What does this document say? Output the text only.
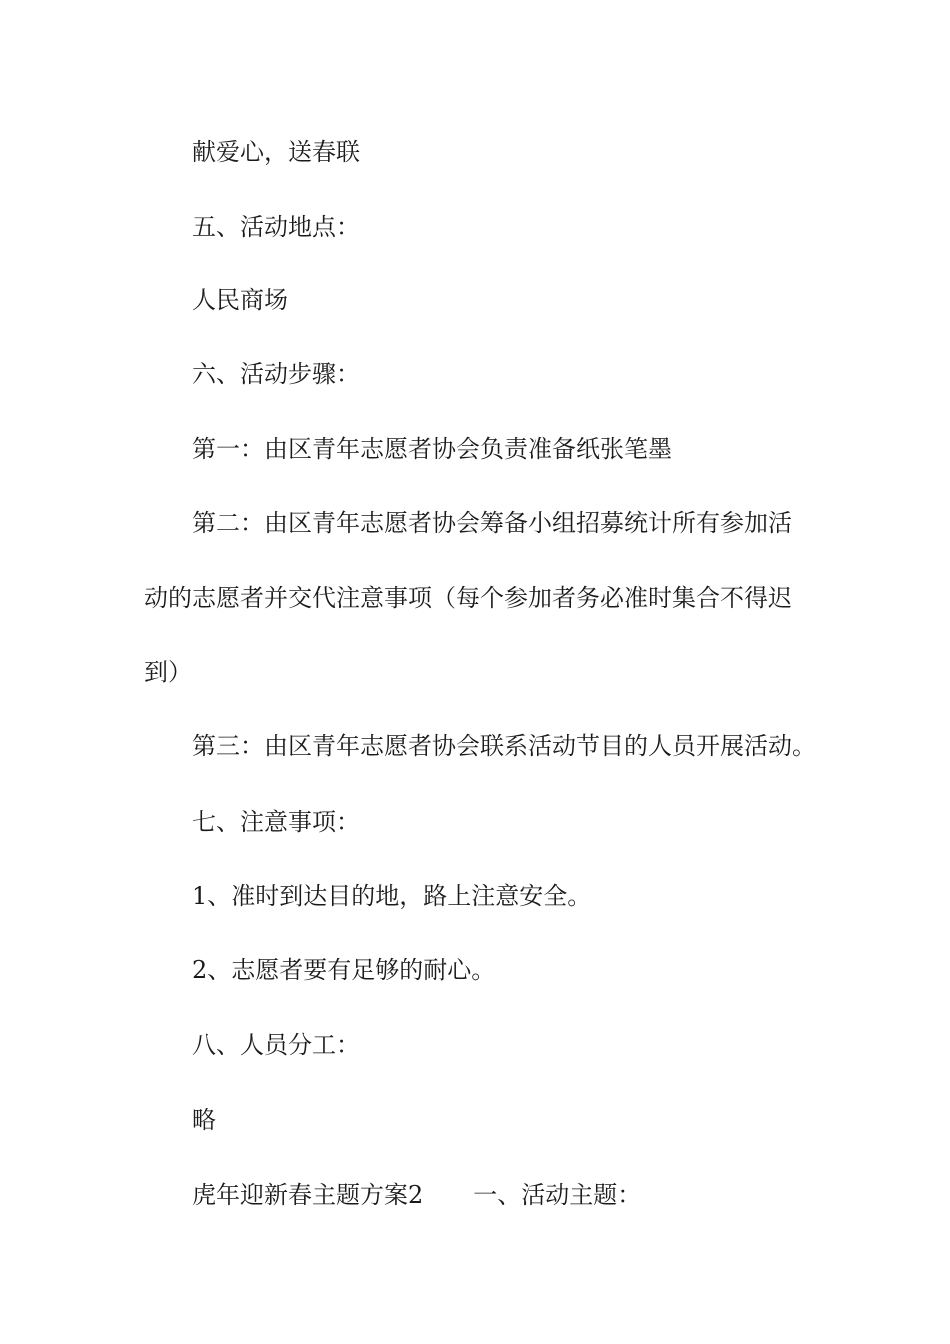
献爱心，送春联

五、活动地点：

人民商场

六、活动步骤：

第一：由区青年志愿者协会负责准备纸张笔墨

第二：由区青年志愿者协会筹备小组招募统计所有参加活

动的志愿者并交代注意事项（每个参加者务必准时集合不得迟

到）

第三：由区青年志愿者协会联系活动节目的人员开展活动。

七、注意事项：

1、准时到达目的地，路上注意安全。

2、志愿者要有足够的耐心。

八、人员分工：

略

虎年迎新春主题方案2 一、活动主题：
